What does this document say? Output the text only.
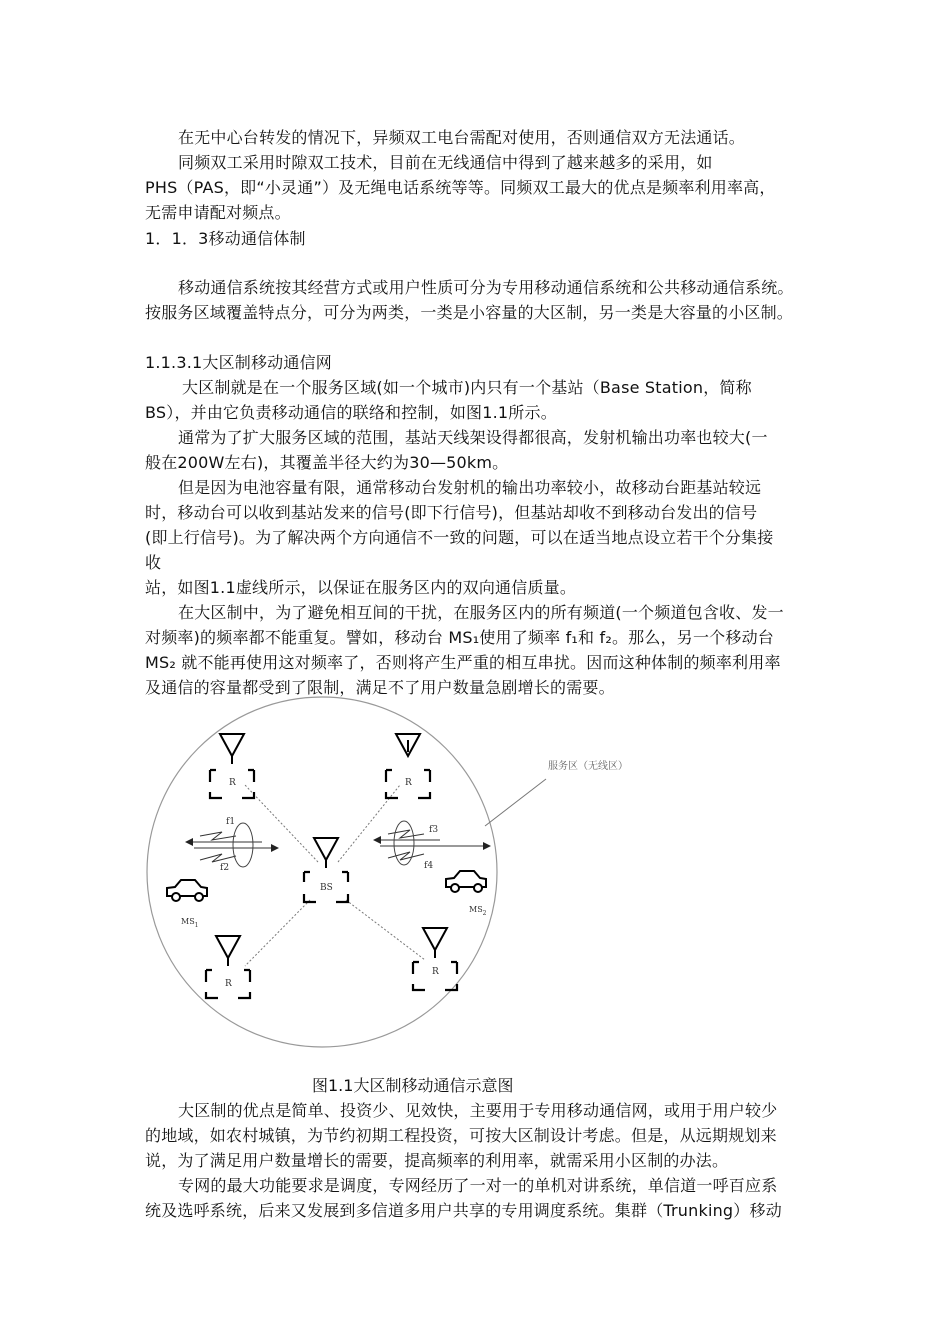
在无中心台转发的情况下，异频双工电台需配对使用，否则通信双方无法通话。
同频双工采用时隙双工技术，目前在无线通信中得到了越来越多的采用，如
PHS（PAS，即“小灵通”）及无绳电话系统等等。同频双工最大的优点是频率利用率高，
无需申请配对频点。
1．1．3移动通信体制
移动通信系统按其经营方式或用户性质可分为专用移动通信系统和公共移动通信系统。
按服务区域覆盖特点分，可分为两类，一类是小容量的大区制，另一类是大容量的小区制。
1.1.3.1大区制移动通信网
大区制就是在一个服务区域(如一个城市)内只有一个基站（Base Station，简称
BS），并由它负责移动通信的联络和控制，如图1.1所示。
通常为了扩大服务区域的范围，基站天线架设得都很高，发射机输出功率也较大(一
般在200W左右)，其覆盖半径大约为30—50km。
但是因为电池容量有限，通常移动台发射机的输出功率较小，故移动台距基站较远
时，移动台可以收到基站发来的信号(即下行信号)，但基站却收不到移动台发出的信号
(即上行信号)。为了解决两个方向通信不一致的问题，可以在适当地点设立若干个分集接
收
站，如图1.1虚线所示，以保证在服务区内的双向通信质量。
在大区制中，为了避免相互间的干扰，在服务区内的所有频道(一个频道包含收、发一
对频率)的频率都不能重复。譬如，移动台 MS₁使用了频率 f₁和 f₂。那么，另一个移动台
MS₂ 就不能再使用这对频率了，否则将产生严重的相互串扰。因而这种体制的频率利用率
及通信的容量都受到了限制，满足不了用户数量急剧增长的需要。
服务区（无线区）
R	R
BS
R
R
f1
f2
f3
f4
$MS_1$
$MS_2$
图1.1大区制移动通信示意图
大区制的优点是简单、投资少、见效快，主要用于专用移动通信网，或用于用户较少
的地域，如农村城镇，为节约初期工程投资，可按大区制设计考虑。但是，从远期规划来
说，为了满足用户数量增长的需要，提高频率的利用率，就需采用小区制的办法。
专网的最大功能要求是调度，专网经历了一对一的单机对讲系统，单信道一呼百应系
统及选呼系统，后来又发展到多信道多用户共享的专用调度系统。集群（Trunking）移动
